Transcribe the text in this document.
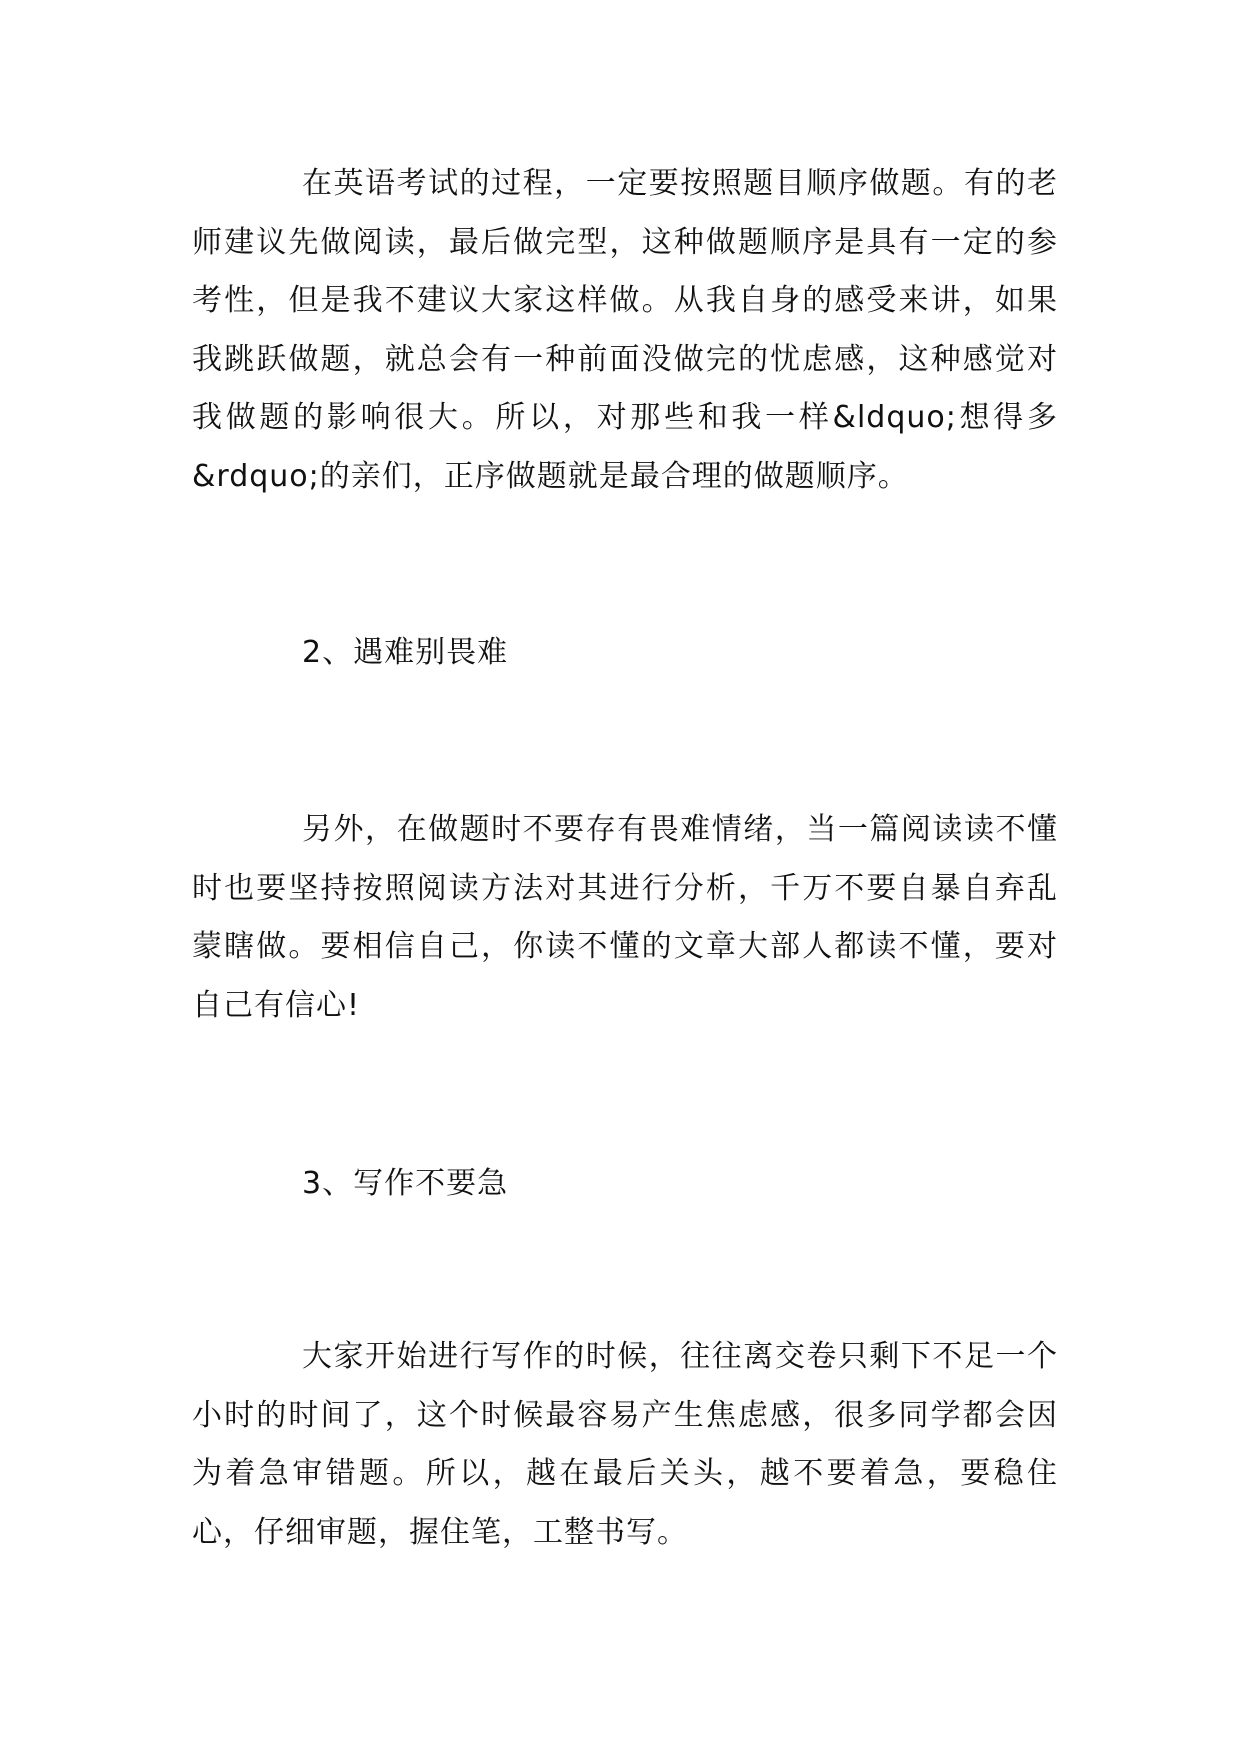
在英语考试的过程，一定要按照题目顺序做题。有的老师建议先做阅读，最后做完型，这种做题顺序是具有一定的参考性，但是我不建议大家这样做。从我自身的感受来讲，如果我跳跃做题，就总会有一种前面没做完的忧虑感，这种感觉对我做题的影响很大。所以，对那些和我一样&ldquo;想得多&rdquo;的亲们，正序做题就是最合理的做题顺序。

2、遇难别畏难

另外，在做题时不要存有畏难情绪，当一篇阅读读不懂时也要坚持按照阅读方法对其进行分析，千万不要自暴自弃乱蒙瞎做。要相信自己，你读不懂的文章大部人都读不懂，要对自己有信心!

3、写作不要急

大家开始进行写作的时候，往往离交卷只剩下不足一个小时的时间了，这个时候最容易产生焦虑感，很多同学都会因为着急审错题。所以，越在最后关头，越不要着急，要稳住心，仔细审题，握住笔，工整书写。
